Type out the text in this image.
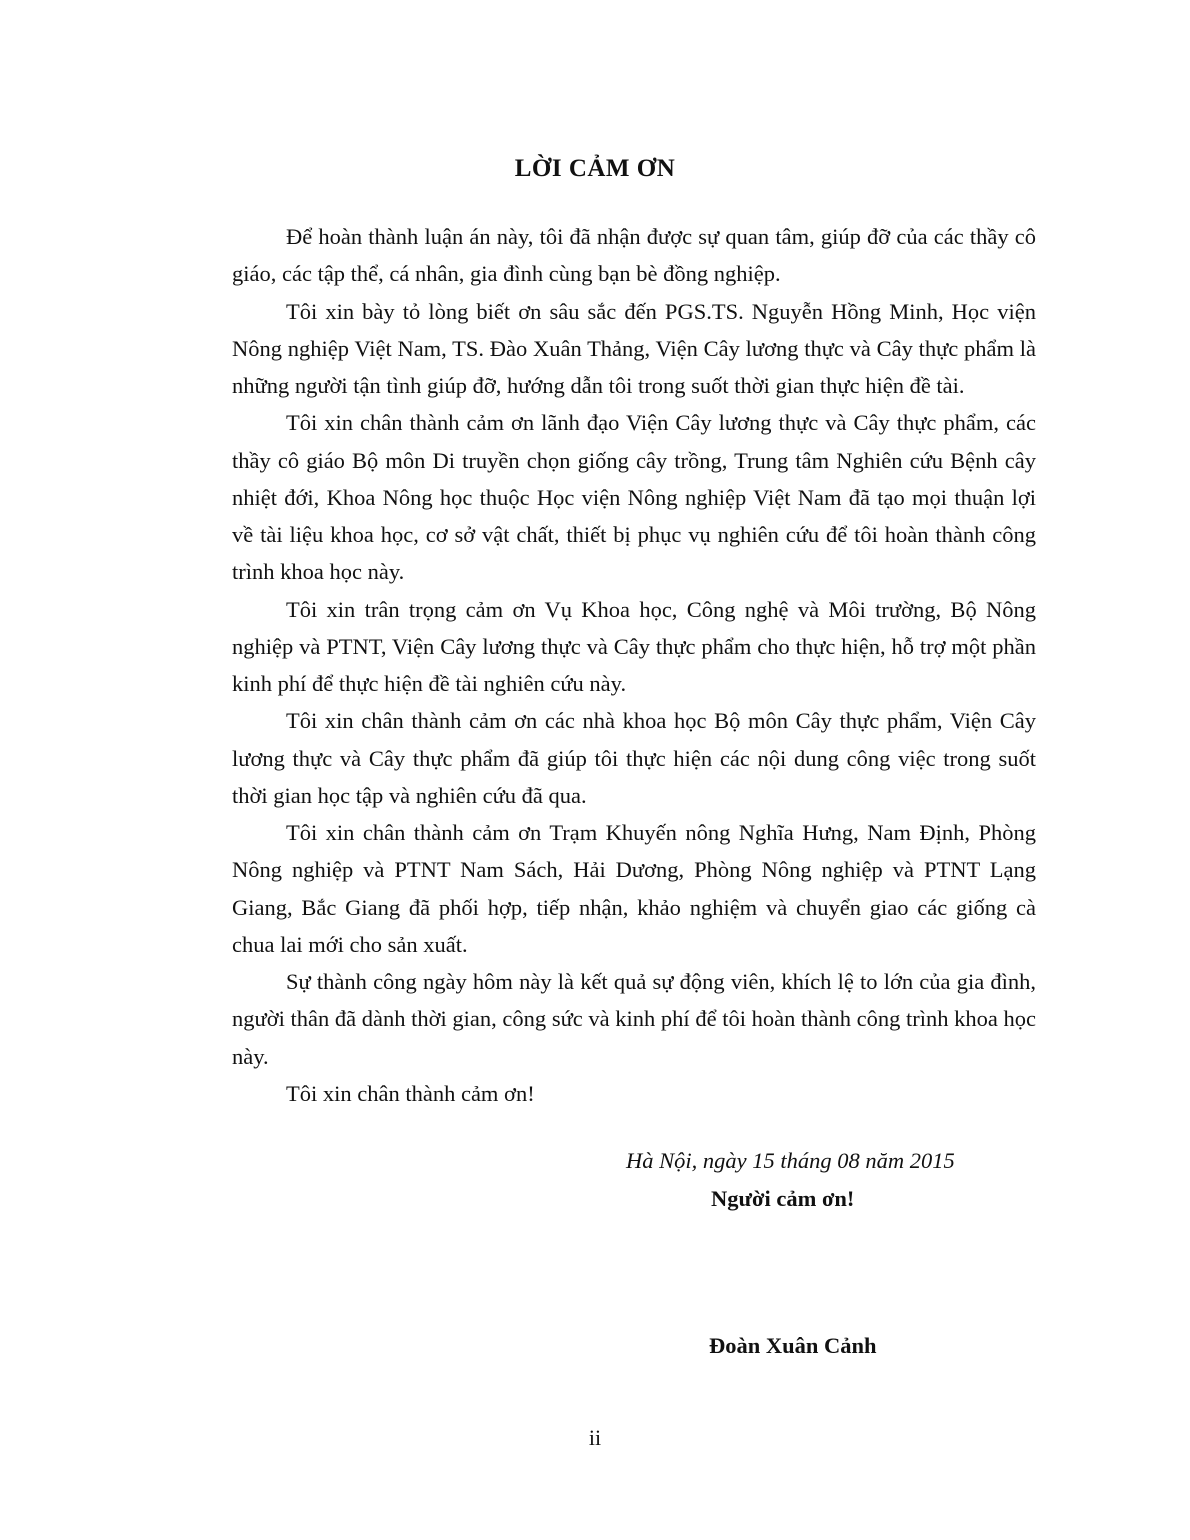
LỜI CẢM ƠN

Để hoàn thành luận án này, tôi đã nhận được sự quan tâm, giúp đỡ của các thầy cô giáo, các tập thể, cá nhân, gia đình cùng bạn bè đồng nghiệp.

Tôi xin bày tỏ lòng biết ơn sâu sắc đến PGS.TS. Nguyễn Hồng Minh, Học viện Nông nghiệp Việt Nam, TS. Đào Xuân Thảng, Viện Cây lương thực và Cây thực phẩm là những người tận tình giúp đỡ, hướng dẫn tôi trong suốt thời gian thực hiện đề tài.

Tôi xin chân thành cảm ơn lãnh đạo Viện Cây lương thực và Cây thực phẩm, các thầy cô giáo Bộ môn Di truyền chọn giống cây trồng, Trung tâm Nghiên cứu Bệnh cây nhiệt đới, Khoa Nông học thuộc Học viện Nông nghiệp Việt Nam đã tạo mọi thuận lợi về tài liệu khoa học, cơ sở vật chất, thiết bị phục vụ nghiên cứu để tôi hoàn thành công trình khoa học này.

Tôi xin trân trọng cảm ơn Vụ Khoa học, Công nghệ và Môi trường, Bộ Nông nghiệp và PTNT, Viện Cây lương thực và Cây thực phẩm cho thực hiện, hỗ trợ một phần kinh phí để thực hiện đề tài nghiên cứu này.

Tôi xin chân thành cảm ơn các nhà khoa học Bộ môn Cây thực phẩm, Viện Cây lương thực và Cây thực phẩm đã giúp tôi thực hiện các nội dung công việc trong suốt thời gian học tập và nghiên cứu đã qua.

Tôi xin chân thành cảm ơn Trạm Khuyến nông Nghĩa Hưng, Nam Định, Phòng Nông nghiệp và PTNT Nam Sách, Hải Dương, Phòng Nông nghiệp và PTNT Lạng Giang, Bắc Giang đã phối hợp, tiếp nhận, khảo nghiệm và chuyển giao các giống cà chua lai mới cho sản xuất.

Sự thành công ngày hôm này là kết quả sự động viên, khích lệ to lớn của gia đình, người thân đã dành thời gian, công sức và kinh phí để tôi hoàn thành công trình khoa học này.

Tôi xin chân thành cảm ơn!

Hà Nội, ngày 15 tháng 08 năm 2015
Người cảm ơn!
Đoàn Xuân Cảnh
ii
